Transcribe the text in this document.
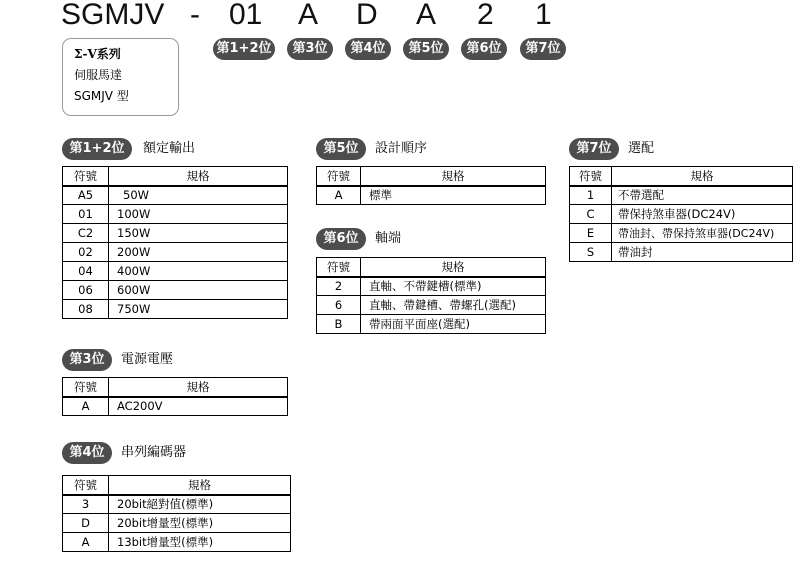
SGMJV - 01 A D A 2 1
第1+2位	第3位	第4位	第5位	第6位	第7位
Σ-V系列
伺服馬達
SGMJV 型
第1+2位	額定輸出
符號	規格
A5	50W
01	100W
C2	150W
02	200W
04	400W
06	600W
08	750W
第3位	電源電壓
符號	規格
A	AC200V
第4位	串列編碼器
符號	規格
3	20bit絕對值(標準)
D	20bit增量型(標準)
A	13bit增量型(標準)
第5位	設計順序
符號	規格
A	標準
第6位	軸端
符號	規格
2	直軸、不帶鍵槽(標準)
6	直軸、帶鍵槽、帶螺孔(選配)
B	帶兩面平面座(選配)
第7位	選配
符號	規格
1	不帶選配
C	帶保持煞車器(DC24V)
E	帶油封、帶保持煞車器(DC24V)
S	帶油封
